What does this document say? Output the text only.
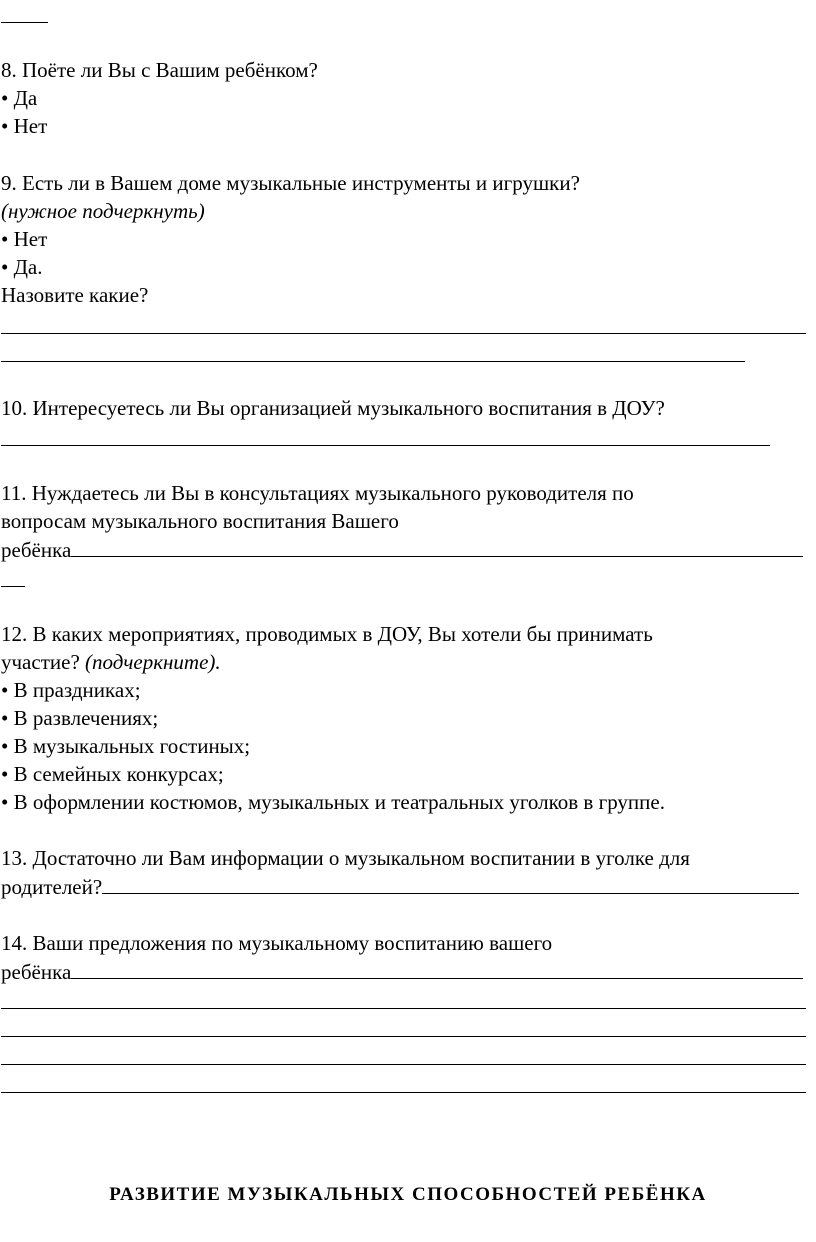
8. Поёте ли Вы с Вашим ребёнком?

• Да

• Нет

9. Есть ли в Вашем доме музыкальные инструменты и игрушки?

(нужное подчеркнуть)

• Нет

• Да.

Назовите какие?

10. Интересуетесь ли Вы организацией музыкального воспитания в ДОУ?

11. Нуждаетесь ли Вы в консультациях музыкального руководителя по

вопросам музыкального воспитания Вашего

ребёнка

12. В каких мероприятиях, проводимых в ДОУ, Вы хотели бы принимать

участие? (подчеркните).

• В праздниках;

• В развлечениях;

• В музыкальных гостиных;

• В семейных конкурсах;

• В оформлении костюмов, музыкальных и театральных уголков в группе.

13. Достаточно ли Вам информации о музыкальном воспитании в уголке для

родителей?

14. Ваши предложения по музыкальному воспитанию вашего

ребёнка

РАЗВИТИЕ МУЗЫКАЛЬНЫХ СПОСОБНОСТЕЙ РЕБЁНКА
